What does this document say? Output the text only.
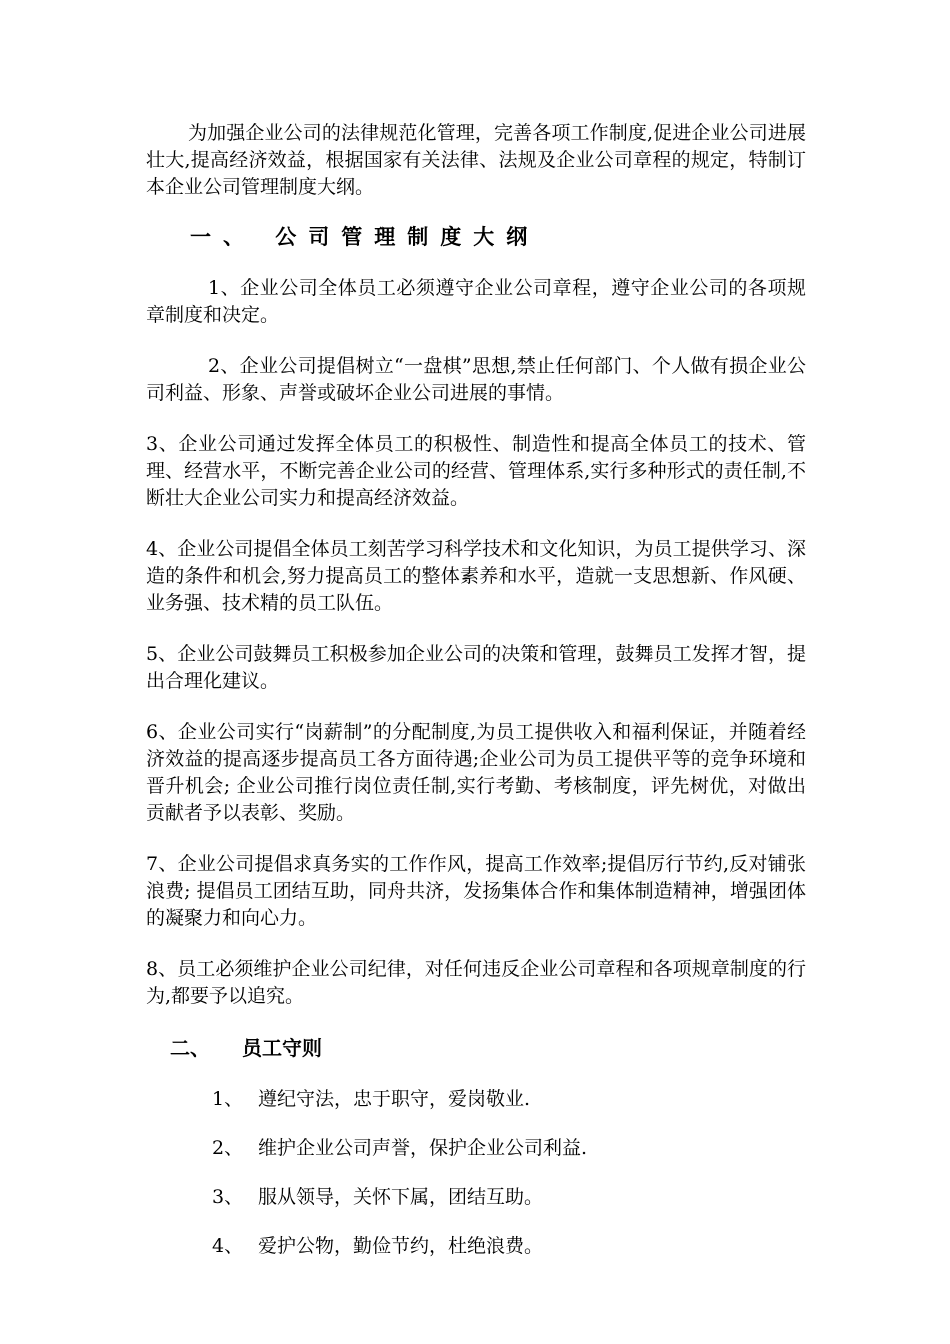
为加强企业公司的法律规范化管理，完善各项工作制度,促进企业公司进展壮大,提高经济效益，根据国家有关法律、法规及企业公司章程的规定，特制订本企业公司管理制度大纲。

一、 公司管理制度大纲

1、企业公司全体员工必须遵守企业公司章程，遵守企业公司的各项规章制度和决定。

2、企业公司提倡树立“一盘棋”思想,禁止任何部门、个人做有损企业公司利益、形象、声誉或破坏企业公司进展的事情。

3、企业公司通过发挥全体员工的积极性、制造性和提高全体员工的技术、管理、经营水平，不断完善企业公司的经营、管理体系,实行多种形式的责任制,不断壮大企业公司实力和提高经济效益。

4、企业公司提倡全体员工刻苦学习科学技术和文化知识，为员工提供学习、深造的条件和机会,努力提高员工的整体素养和水平，造就一支思想新、作风硬、业务强、技术精的员工队伍。

5、企业公司鼓舞员工积极参加企业公司的决策和管理，鼓舞员工发挥才智，提出合理化建议。

6、企业公司实行“岗薪制”的分配制度,为员工提供收入和福利保证，并随着经济效益的提高逐步提高员工各方面待遇;企业公司为员工提供平等的竞争环境和晋升机会; 企业公司推行岗位责任制,实行考勤、考核制度，评先树优，对做出贡献者予以表彰、奖励。

7、企业公司提倡求真务实的工作作风，提高工作效率;提倡厉行节约,反对铺张浪费; 提倡员工团结互助，同舟共济，发扬集体合作和集体制造精神，增强团体的凝聚力和向心力。

8、员工必须维护企业公司纪律，对任何违反企业公司章程和各项规章制度的行为,都要予以追究。

二、 员工守则
1、 遵纪守法，忠于职守，爱岗敬业.
2、 维护企业公司声誉，保护企业公司利益.
3、 服从领导，关怀下属，团结互助。
4、 爱护公物，勤俭节约，杜绝浪费。
